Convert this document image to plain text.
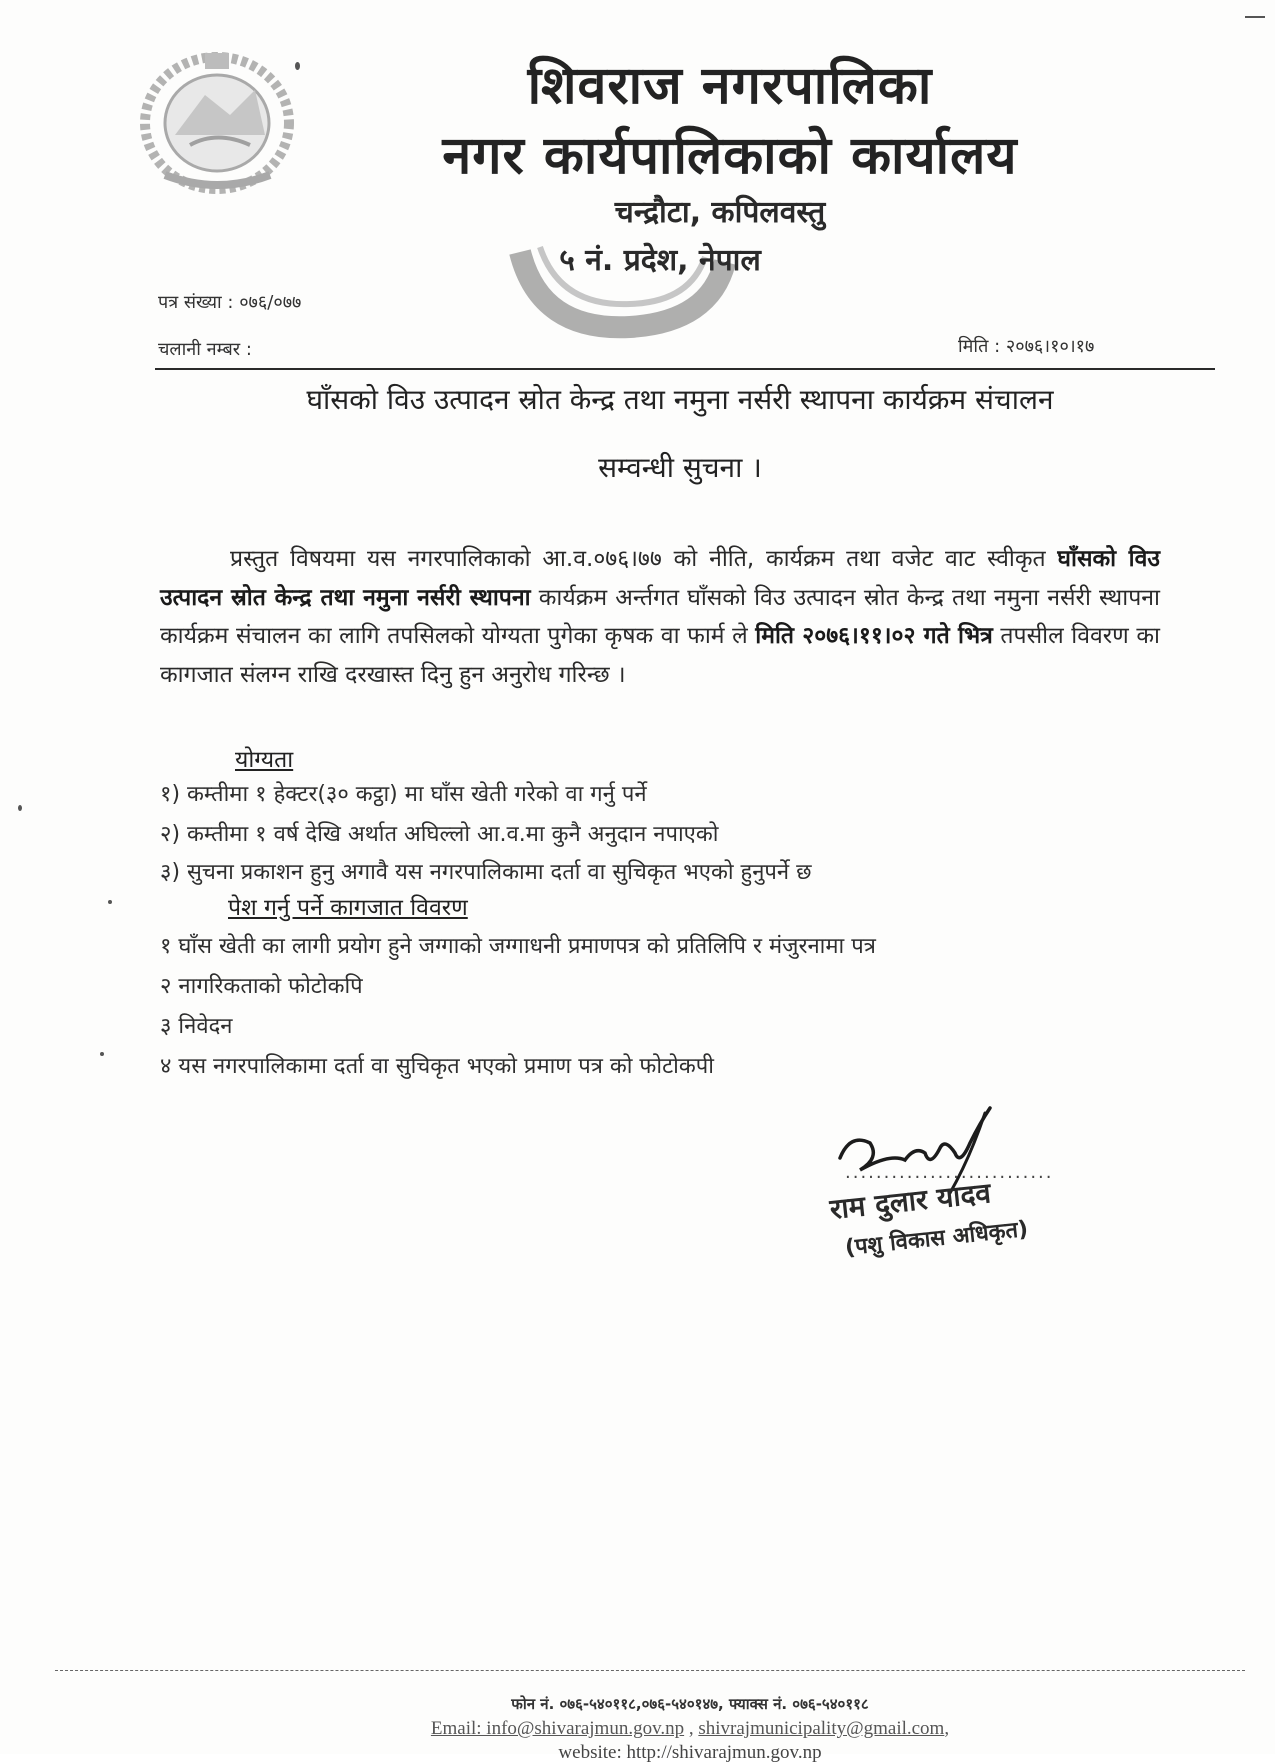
शिवराज नगरपालिका
नगर कार्यपालिकाको कार्यालय
चन्द्रौटा, कपिलवस्तु
५ नं. प्रदेश, नेपाल
पत्र संख्या : ०७६/०७७
चलानी नम्बर :	मिति : २०७६।१०।१७
घाँसको विउ उत्पादन स्रोत केन्द्र तथा नमुना नर्सरी स्थापना कार्यक्रम संचालन
सम्वन्धी सुचना ।
प्रस्तुत विषयमा यस नगरपालिकाको आ.व.०७६।७७ को नीति, कार्यक्रम तथा वजेट वाट स्वीकृत घाँसको विउ उत्पादन स्रोत केन्द्र तथा नमुना नर्सरी स्थापना कार्यक्रम अर्न्तगत घाँसको विउ उत्पादन स्रोत केन्द्र तथा नमुना नर्सरी स्थापना कार्यक्रम संचालन का लागि तपसिलको योग्यता पुगेका कृषक वा फार्म ले मिति २०७६।११।०२ गते भित्र तपसील विवरण का कागजात संलग्न राखि दरखास्त दिनु हुन अनुरोध गरिन्छ ।
योग्यता
१) कम्तीमा १ हेक्टर(३० कट्ठा) मा घाँस खेती गरेको वा गर्नु पर्ने
२) कम्तीमा १ वर्ष देखि अर्थात अघिल्लो आ.व.मा कुनै अनुदान नपाएको
३) सुचना प्रकाशन हुनु अगावै यस नगरपालिकामा दर्ता वा सुचिकृत भएको हुनुपर्ने छ
पेश गर्नु पर्ने कागजात विवरण
१ घाँस खेती का लागी प्रयोग हुने जग्गाको जग्गाधनी प्रमाणपत्र को प्रतिलिपि र मंजुरनामा पत्र
२ नागरिकताको फोटोकपि
३ निवेदन
४ यस नगरपालिकामा दर्ता वा सुचिकृत भएको प्रमाण पत्र को फोटोकपी
...........................
राम दुलार यादव
(पशु विकास अधिकृत)
फोन नं. ०७६-५४०११८,०७६-५४०१४७, फ्याक्स नं. ०७६-५४०११८
Email: info@shivarajmun.gov.np , shivrajmunicipality@gmail.com,
website: http://shivarajmun.gov.np
